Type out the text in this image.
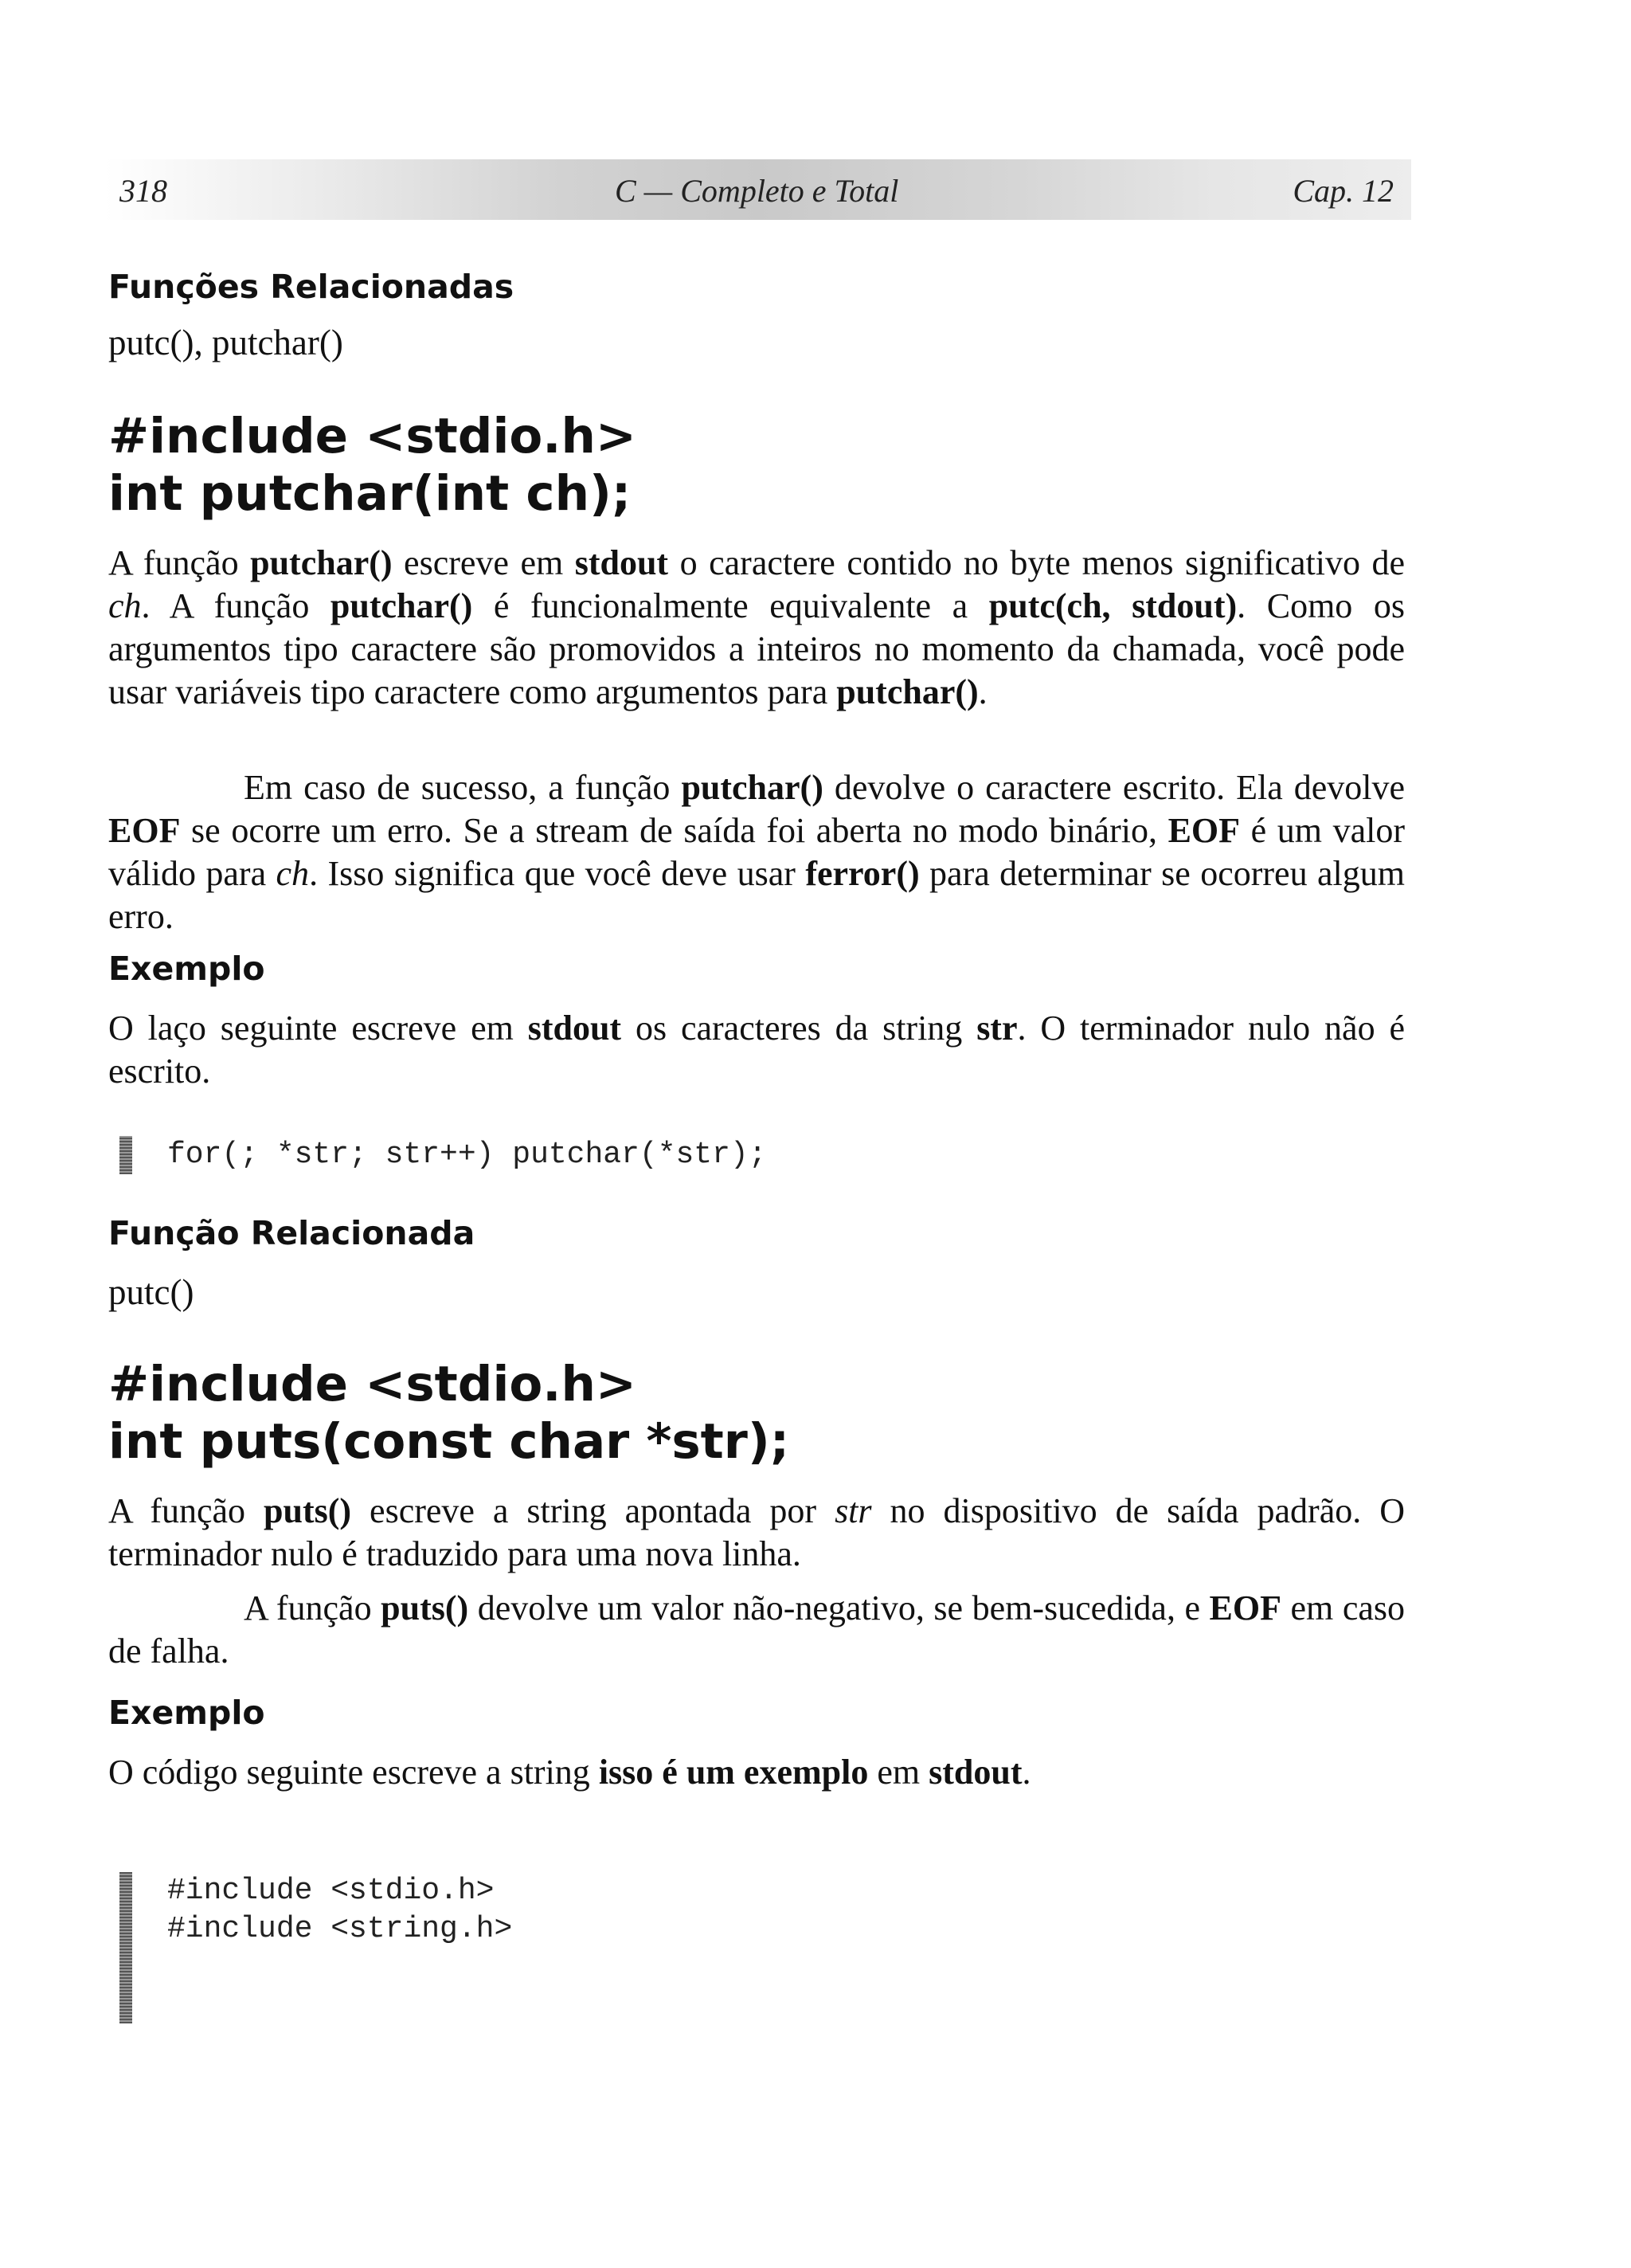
318	C — Completo e Total	Cap. 12
Funções Relacionadas

putc(), putchar()

#include <stdio.h>
int putchar(int ch);

A função putchar() escreve em stdout o caractere contido no byte menos significativo de ch. A função putchar() é funcionalmente equivalente a putc(ch, stdout). Como os argumentos tipo caractere são promovidos a inteiros no momento da chamada, você pode usar variáveis tipo caractere como argumentos para putchar().

Em caso de sucesso, a função putchar() devolve o caractere escrito. Ela devolve EOF se ocorre um erro. Se a stream de saída foi aberta no modo binário, EOF é um valor válido para ch. Isso significa que você deve usar ferror() para determinar se ocorreu algum erro.

Exemplo

O laço seguinte escreve em stdout os caracteres da string str. O terminador nulo não é escrito.

for(; *str; str++) putchar(*str);
Função Relacionada

putc()

#include <stdio.h>
int puts(const char *str);

A função puts() escreve a string apontada por str no dispositivo de saída padrão. O terminador nulo é traduzido para uma nova linha.

A função puts() devolve um valor não-negativo, se bem-sucedida, e EOF em caso de falha.

Exemplo

O código seguinte escreve a string isso é um exemplo em stdout.

#include <stdio.h>
#include <string.h>
